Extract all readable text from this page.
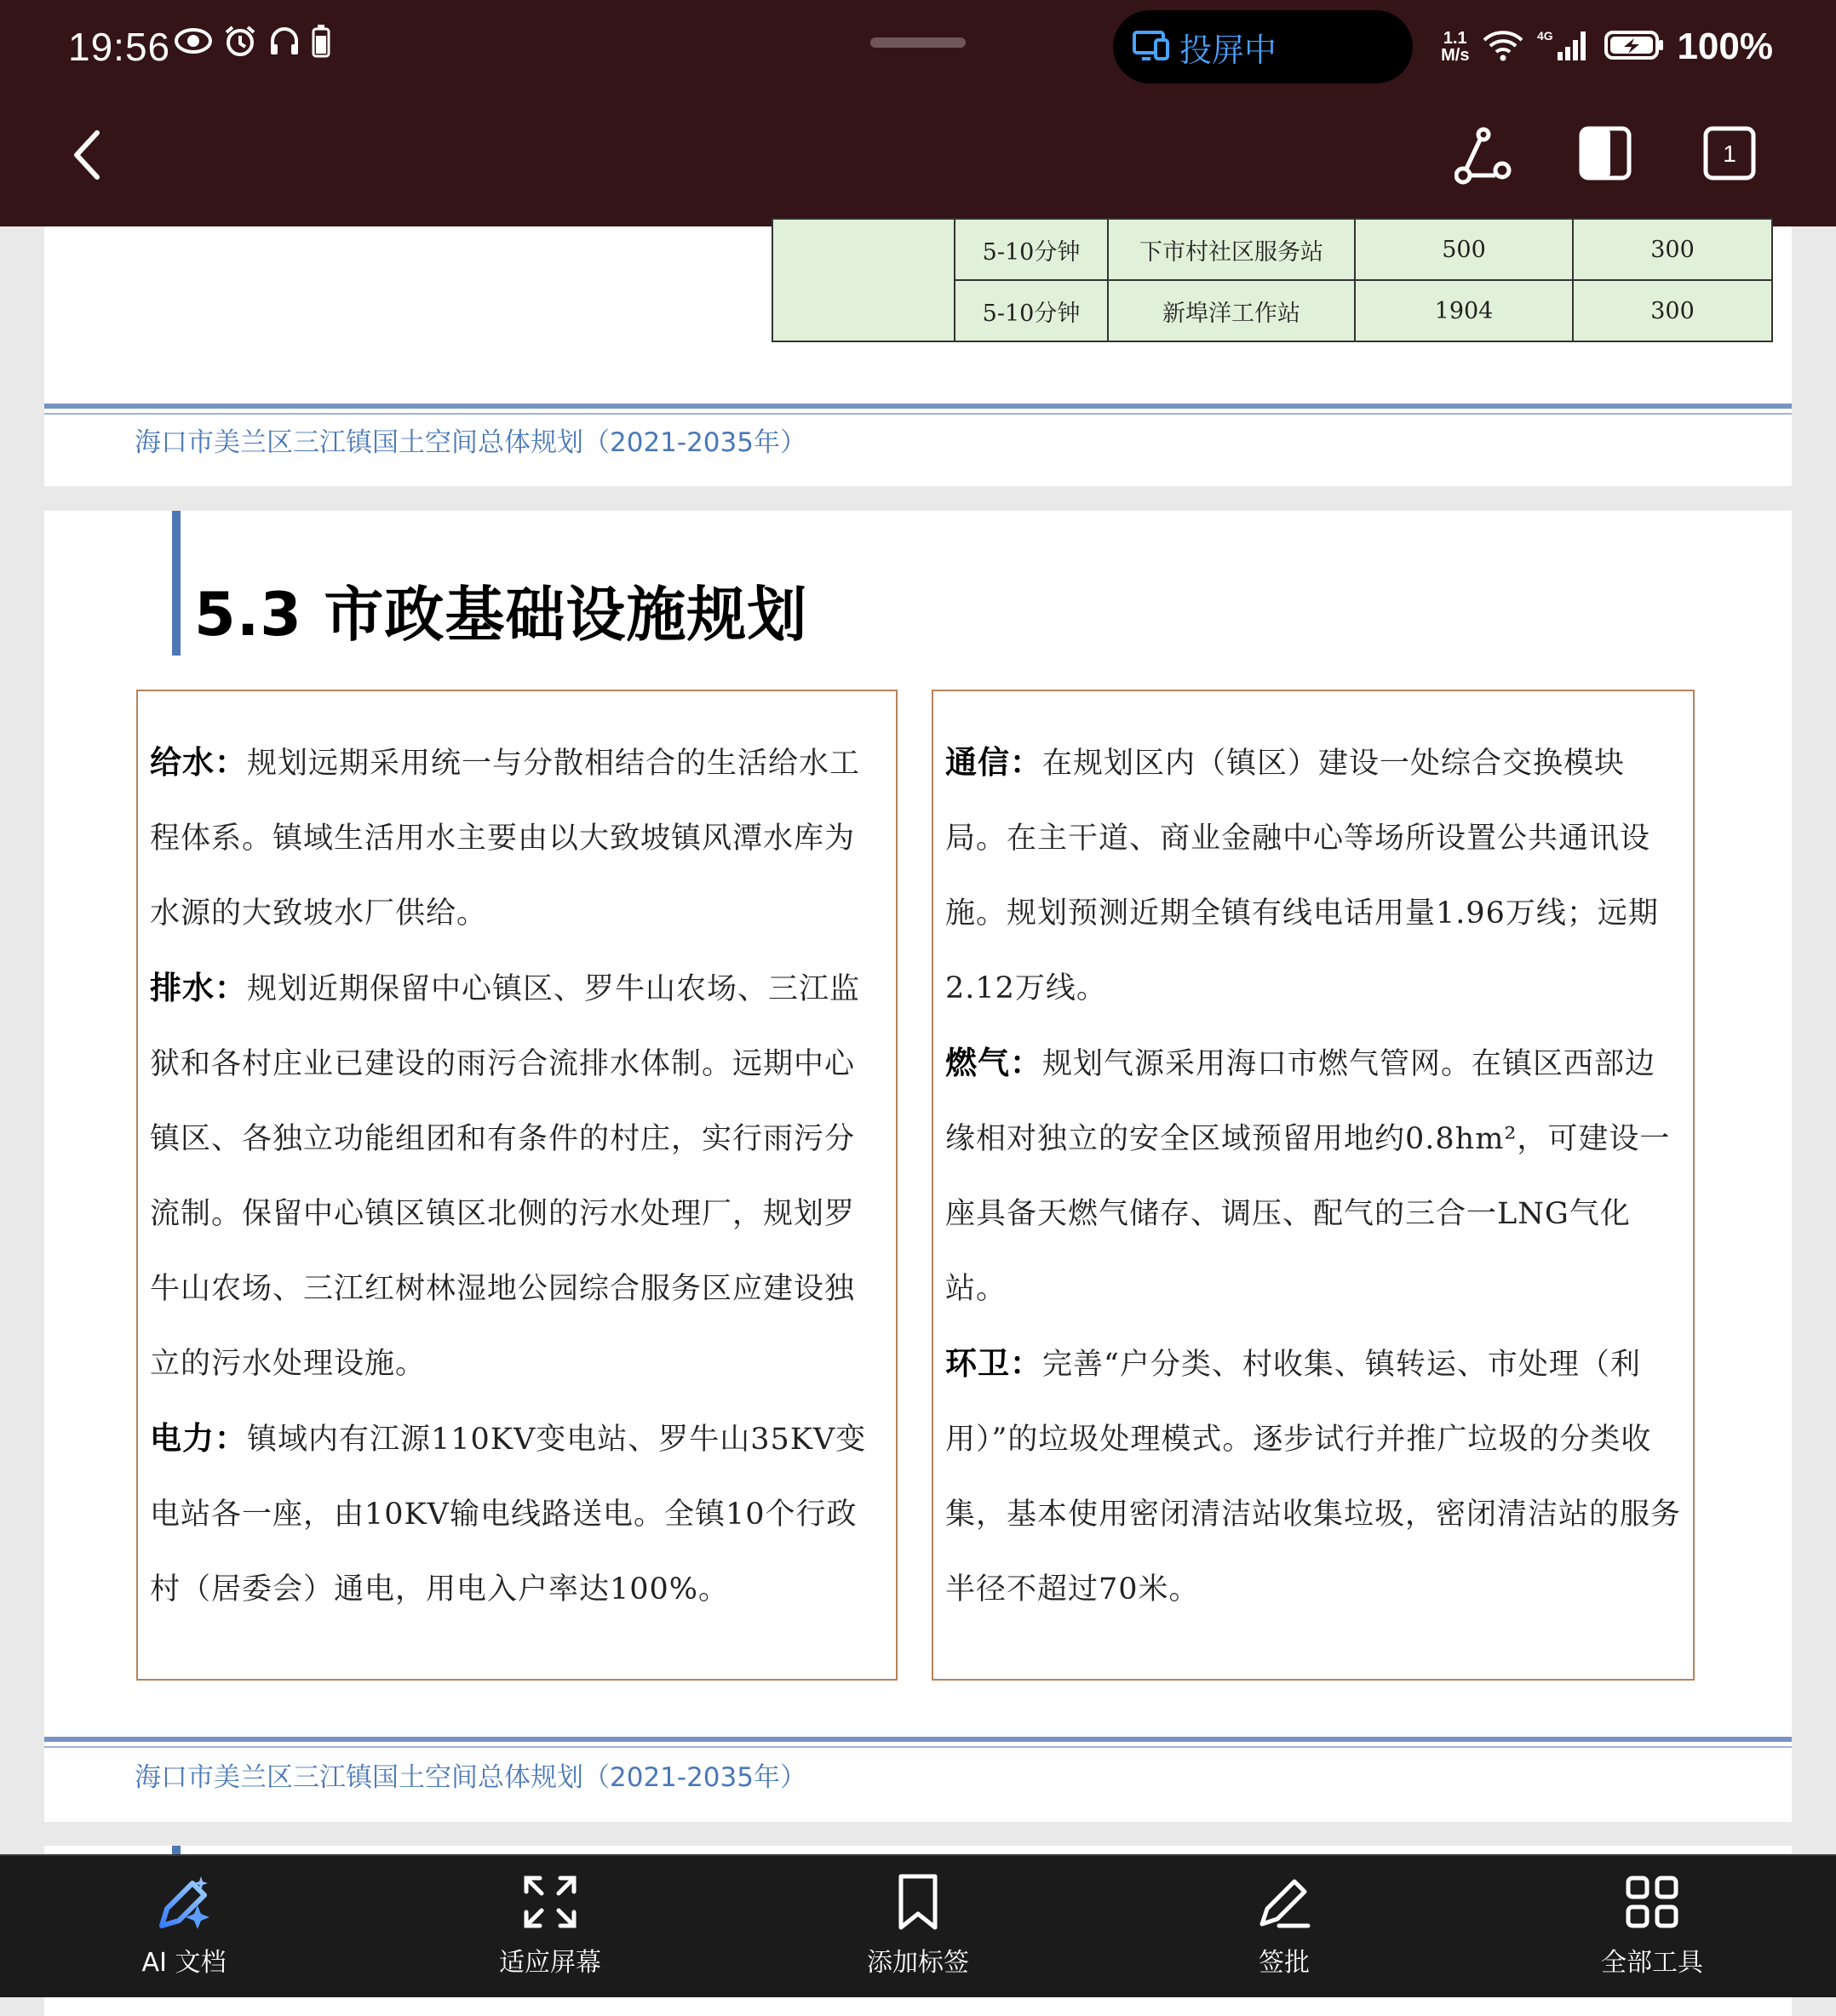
19:56	投屏中	1.1
M/s
4G	100%
1
	5-10分钟	下市村社区服务站	500	300
	5-10分钟	新埠洋工作站	1904	300
海口市美兰区三江镇国土空间总体规划（2021-2035年）
5.3 市政基础设施规划

给水：规划远期采用统一与分散相结合的生活给水工程体系。镇域生活用水主要由以大致坡镇风潭水库为水源的大致坡水厂供给。

排水：规划近期保留中心镇区、罗牛山农场、三江监狱和各村庄业已建设的雨污合流排水体制。远期中心镇区、各独立功能组团和有条件的村庄，实行雨污分流制。保留中心镇区镇区北侧的污水处理厂，规划罗牛山农场、三江红树林湿地公园综合服务区应建设独立的污水处理设施。

电力：镇域内有江源110KV变电站、罗牛山35KV变电站各一座，由10KV输电线路送电。全镇10个行政村（居委会）通电，用电入户率达100%。

通信：在规划区内（镇区）建设一处综合交换模块局。在主干道、商业金融中心等场所设置公共通讯设施。规划预测近期全镇有线电话用量1.96万线；远期2.12万线。

燃气：规划气源采用海口市燃气管网。在镇区西部边缘相对独立的安全区域预留用地约0.8hm²，可建设一座具备天燃气储存、调压、配气的三合一LNG气化站。

环卫：完善“户分类、村收集、镇转运、市处理（利用）”的垃圾处理模式。逐步试行并推广垃圾的分类收集，基本使用密闭清洁站收集垃圾，密闭清洁站的服务半径不超过70米。

海口市美兰区三江镇国土空间总体规划（2021-2035年）
AI 文档	适应屏幕	添加标签	签批	全部工具
